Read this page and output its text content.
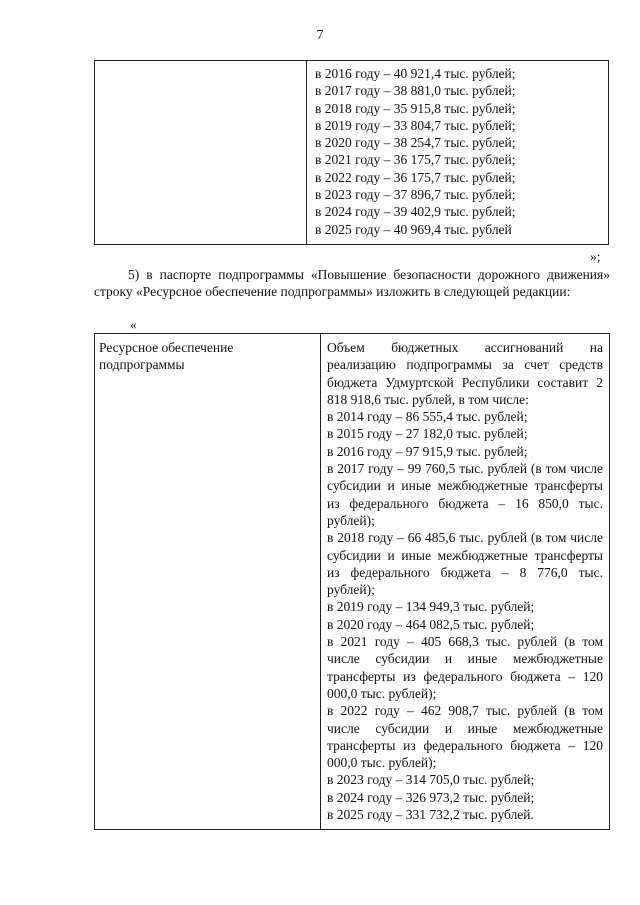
7

в 2016 году – 40 921,4 тыс. рублей;
в 2017 году – 38 881,0 тыс. рублей;
в 2018 году – 35 915,8 тыс. рублей;
в 2019 году – 33 804,7 тыс. рублей;
в 2020 году – 38 254,7 тыс. рублей;
в 2021 году – 36 175,7 тыс. рублей;
в 2022 году – 36 175,7 тыс. рублей;
в 2023 году – 37 896,7 тыс. рублей;
в 2024 году – 39 402,9 тыс. рублей;
в 2025 году – 40 969,4 тыс. рублей
»;
5) в паспорте подпрограммы «Повышение безопасности дорожного движения» строку «Ресурсное обеспечение подпрограммы» изложить в следующей редакции:
«
Ресурсное обеспечение подпрограммы

Объем бюджетных ассигнований на реализацию подпрограммы за счет средств бюджета Удмуртской Республики составит 2 818 918,6 тыс. рублей, в том числе:
в 2014 году – 86 555,4 тыс. рублей;
в 2015 году – 27 182,0 тыс. рублей;
в 2016 году – 97 915,9 тыс. рублей;
в 2017 году – 99 760,5 тыс. рублей (в том числе субсидии и иные межбюджетные трансферты из федерального бюджета – 16 850,0 тыс. рублей);
в 2018 году – 66 485,6 тыс. рублей (в том числе субсидии и иные межбюджетные трансферты из федерального бюджета – 8 776,0 тыс. рублей);
в 2019 году – 134 949,3 тыс. рублей;
в 2020 году – 464 082,5 тыс. рублей;
в 2021 году – 405 668,3 тыс. рублей (в том числе субсидии и иные межбюджетные трансферты из федерального бюджета – 120 000,0 тыс. рублей);
в 2022 году – 462 908,7 тыс. рублей (в том числе субсидии и иные межбюджетные трансферты из федерального бюджета – 120 000,0 тыс. рублей);
в 2023 году – 314 705,0 тыс. рублей;
в 2024 году – 326 973,2 тыс. рублей;
в 2025 году – 331 732,2 тыс. рублей.
